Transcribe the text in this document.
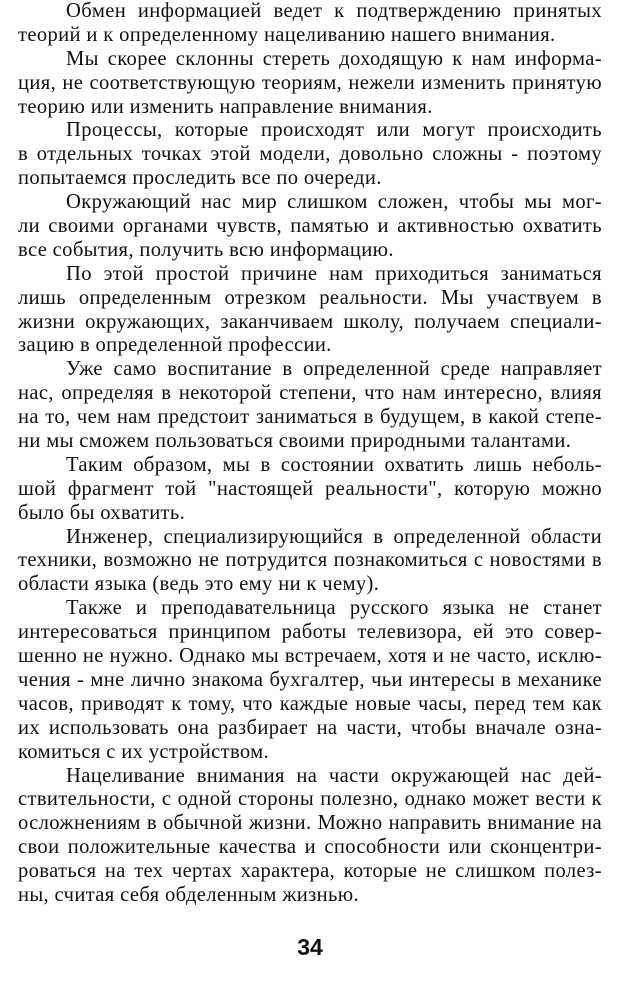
Обмен информацией ведет к подтверждению принятых
теорий и к определенному нацеливанию нашего внимания.
Мы скорее склонны стереть доходящую к нам информа-
ция, не соответствующую теориям, нежели изменить принятую
теорию или изменить направление внимания.
Процессы, которые происходят или могут происходить
в отдельных точках этой модели, довольно сложны - поэтому
попытаемся проследить все по очереди.
Окружающий нас мир слишком сложен, чтобы мы мог-
ли своими органами чувств, памятью и активностью охватить
все события, получить всю информацию.
По этой простой причине нам приходиться заниматься
лишь определенным отрезком реальности. Мы участвуем в
жизни окружающих, заканчиваем школу, получаем специали-
зацию в определенной профессии.
Уже само воспитание в определенной среде направляет
нас, определяя в некоторой степени, что нам интересно, влияя
на то, чем нам предстоит заниматься в будущем, в какой степе-
ни мы сможем пользоваться своими природными талантами.
Таким образом, мы в состоянии охватить лишь неболь-
шой фрагмент той "настоящей реальности", которую можно
было бы охватить.
Инженер, специализирующийся в определенной области
техники, возможно не потрудится познакомиться с новостями в
области языка (ведь это ему ни к чему).
Также и преподавательница русского языка не станет
интересоваться принципом работы телевизора, ей это совер-
шенно не нужно. Однако мы встречаем, хотя и не часто, исклю-
чения - мне лично знакома бухгалтер, чьи интересы в механике
часов, приводят к тому, что каждые новые часы, перед тем как
их использовать она разбирает на части, чтобы вначале озна-
комиться с их устройством.
Нацеливание внимания на части окружающей нас дей-
ствительности, с одной стороны полезно, однако может вести к
осложнениям в обычной жизни. Можно направить внимание на
свои положительные качества и способности или сконцентри-
роваться на тех чертах характера, которые не слишком полез-
ны, считая себя обделенным жизнью.
34
